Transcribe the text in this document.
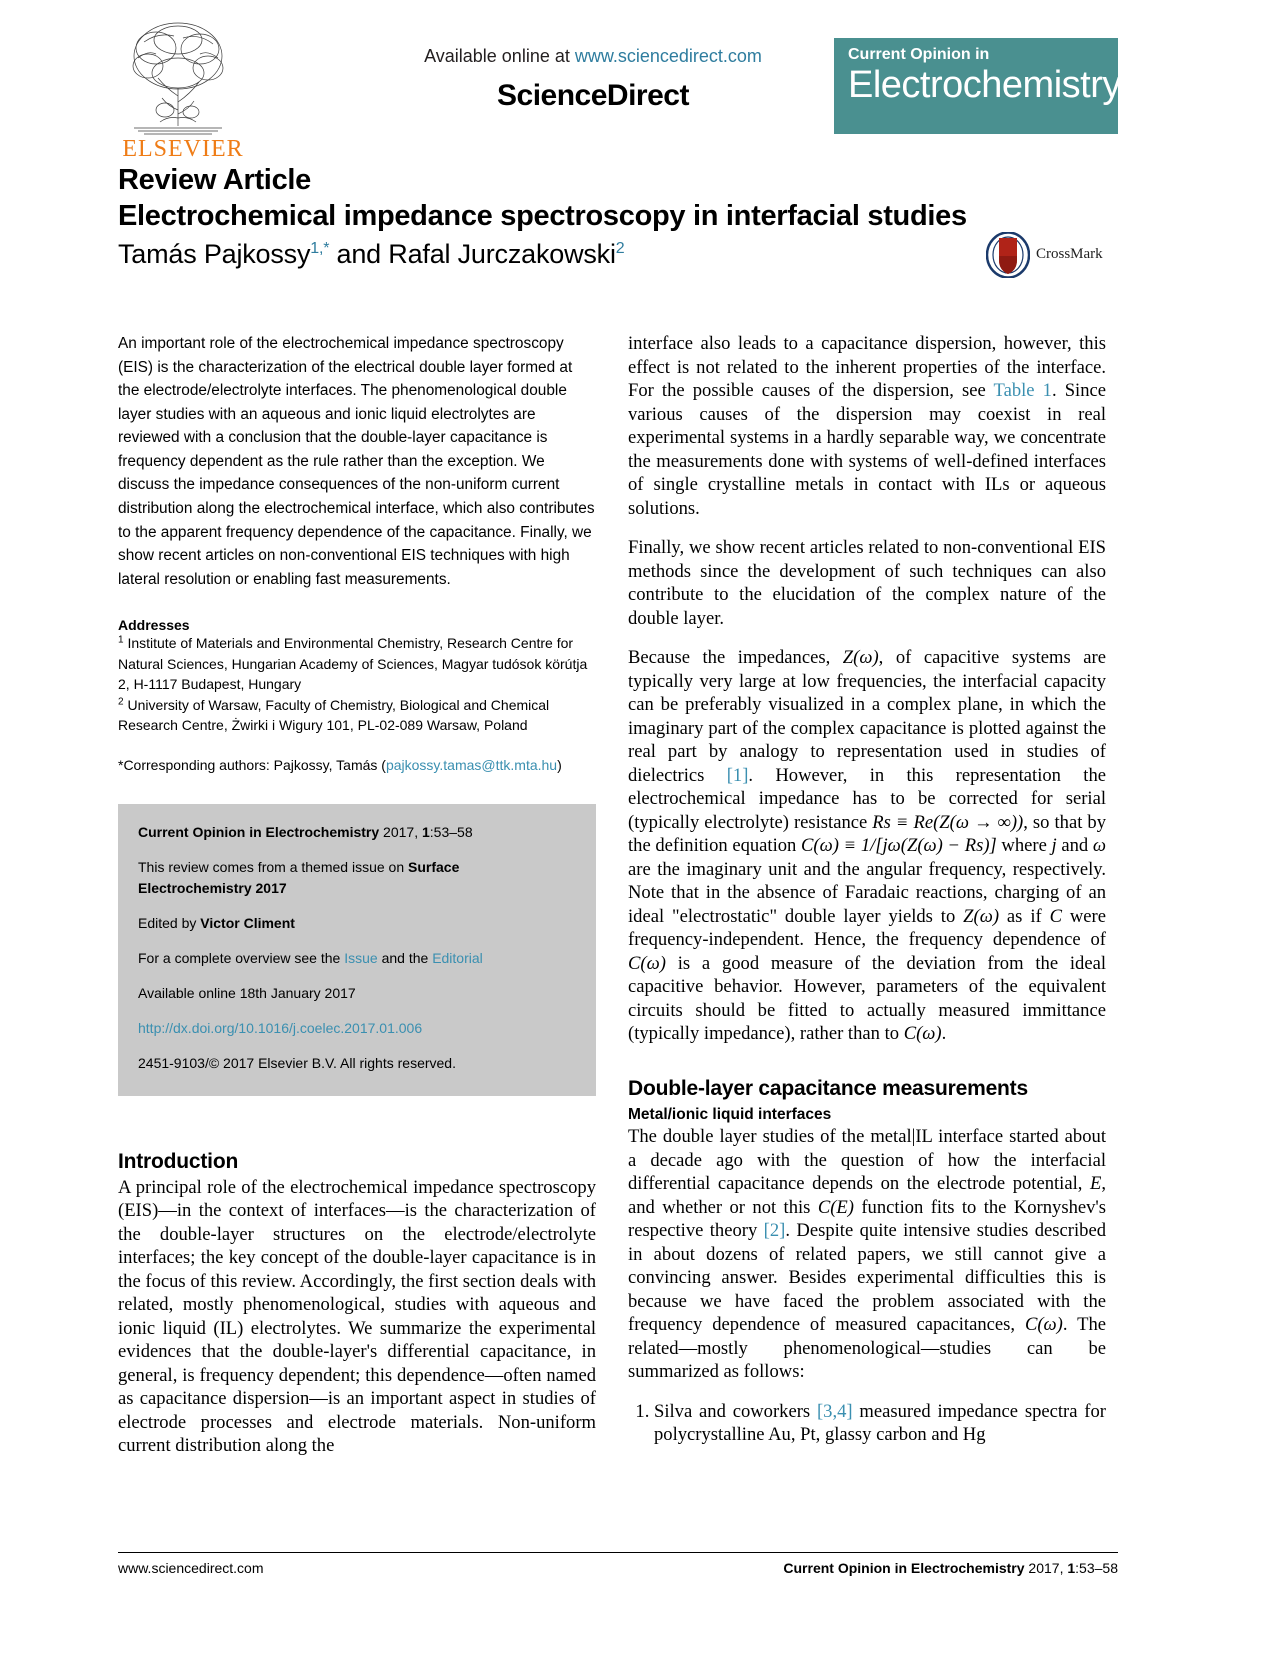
ELSEVIER
Available online at www.sciencedirect.com
ScienceDirect
Current Opinion in
Electrochemistry
Review Article
Electrochemical impedance spectroscopy in interfacial studies
Tamás Pajkossy$^{1,*}$ and Rafal Jurczakowski$^2$	CrossMark
An important role of the electrochemical impedance spectroscopy (EIS) is the characterization of the electrical double layer formed at the electrode/electrolyte interfaces. The phenomenological double layer studies with an aqueous and ionic liquid electrolytes are reviewed with a conclusion that the double-layer capacitance is frequency dependent as the rule rather than the exception. We discuss the impedance consequences of the non-uniform current distribution along the electrochemical interface, which also contributes to the apparent frequency dependence of the capacitance. Finally, we show recent articles on non-conventional EIS techniques with high lateral resolution or enabling fast measurements.
Addresses
$^1$ Institute of Materials and Environmental Chemistry, Research Centre for Natural Sciences, Hungarian Academy of Sciences, Magyar tudósok körútja 2, H-1117 Budapest, Hungary
$^2$ University of Warsaw, Faculty of Chemistry, Biological and Chemical Research Centre, Żwirki i Wigury 101, PL-02-089 Warsaw, Poland
*Corresponding authors: Pajkossy, Tamás (pajkossy.tamas@ttk.mta.hu)

Current Opinion in Electrochemistry 2017, 1:53–58

This review comes from a themed issue on Surface Electrochemistry 2017

Edited by Victor Climent

For a complete overview see the Issue and the Editorial

Available online 18th January 2017

http://dx.doi.org/10.1016/j.coelec.2017.01.006

2451-9103/© 2017 Elsevier B.V. All rights reserved.

Introduction

A principal role of the electrochemical impedance spectroscopy (EIS)—in the context of interfaces—is the characterization of the double-layer structures on the electrode/electrolyte interfaces; the key concept of the double-layer capacitance is in the focus of this review. Accordingly, the first section deals with related, mostly phenomenological, studies with aqueous and ionic liquid (IL) electrolytes. We summarize the experimental evidences that the double-layer's differential capacitance, in general, is frequency dependent; this dependence—often named as capacitance dispersion—is an important aspect in studies of electrode processes and electrode materials. Non-uniform current distribution along the

interface also leads to a capacitance dispersion, however, this effect is not related to the inherent properties of the interface. For the possible causes of the dispersion, see Table 1. Since various causes of the dispersion may coexist in real experimental systems in a hardly separable way, we concentrate the measurements done with systems of well-defined interfaces of single crystalline metals in contact with ILs or aqueous solutions.

Finally, we show recent articles related to non-conventional EIS methods since the development of such techniques can also contribute to the elucidation of the complex nature of the double layer.

Because the impedances, Z(ω), of capacitive systems are typically very large at low frequencies, the interfacial capacity can be preferably visualized in a complex plane, in which the imaginary part of the complex capacitance is plotted against the real part by analogy to representation used in studies of dielectrics [1]. However, in this representation the electrochemical impedance has to be corrected for serial (typically electrolyte) resistance Rs ≡ Re(Z(ω → ∞)), so that by the definition equation C(ω) ≡ 1/[jω(Z(ω) − Rs)] where j and ω are the imaginary unit and the angular frequency, respectively. Note that in the absence of Faradaic reactions, charging of an ideal "electrostatic" double layer yields to Z(ω) as if C were frequency-independent. Hence, the frequency dependence of C(ω) is a good measure of the deviation from the ideal capacitive behavior. However, parameters of the equivalent circuits should be fitted to actually measured immittance (typically impedance), rather than to C(ω).

Double-layer capacitance measurements
Metal/ionic liquid interfaces

The double layer studies of the metal|IL interface started about a decade ago with the question of how the interfacial differential capacitance depends on the electrode potential, E, and whether or not this C(E) function fits to the Kornyshev's respective theory [2]. Despite quite intensive studies described in about dozens of related papers, we still cannot give a convincing answer. Besides experimental difficulties this is because we have faced the problem associated with the frequency dependence of measured capacitances, C(ω). The related—mostly phenomenological—studies can be summarized as follows:

1. Silva and coworkers [3,4] measured impedance spectra for polycrystalline Au, Pt, glassy carbon and Hg
www.sciencedirect.com	Current Opinion in Electrochemistry 2017, 1:53–58
